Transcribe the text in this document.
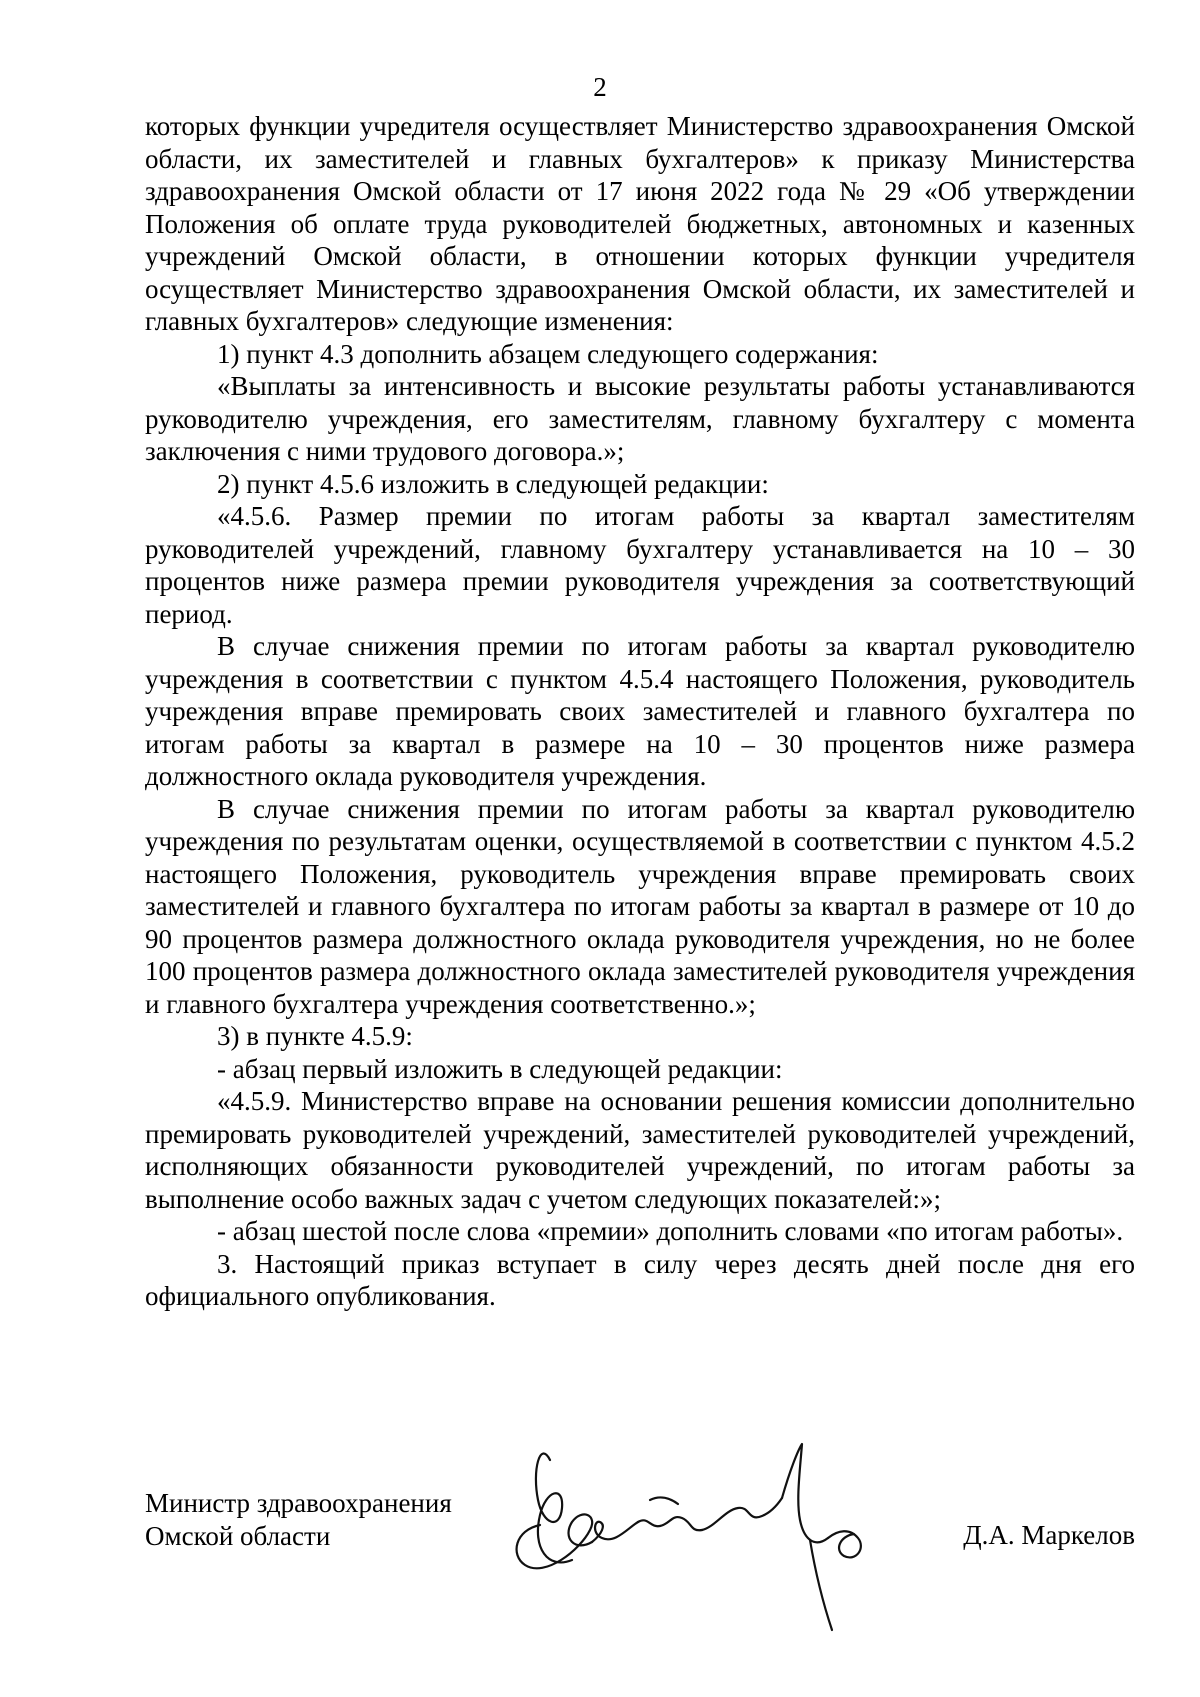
2

которых функции учредителя осуществляет Министерство здравоохранения Омской области, их заместителей и главных бухгалтеров» к приказу Министерства здравоохранения Омской области от 17 июня 2022 года № 29 «Об утверждении Положения об оплате труда руководителей бюджетных, автономных и казенных учреждений Омской области, в отношении которых функции учредителя осуществляет Министерство здравоохранения Омской области, их заместителей и главных бухгалтеров» следующие изменения:

1) пункт 4.3 дополнить абзацем следующего содержания:

«Выплаты за интенсивность и высокие результаты работы устанавливаются руководителю учреждения, его заместителям, главному бухгалтеру с момента заключения с ними трудового договора.»;

2) пункт 4.5.6 изложить в следующей редакции:

«4.5.6. Размер премии по итогам работы за квартал заместителям руководителей учреждений, главному бухгалтеру устанавливается на 10 – 30 процентов ниже размера премии руководителя учреждения за соответствующий период.

В случае снижения премии по итогам работы за квартал руководителю учреждения в соответствии с пунктом 4.5.4 настоящего Положения, руководитель учреждения вправе премировать своих заместителей и главного бухгалтера по итогам работы за квартал в размере на 10 – 30 процентов ниже размера должностного оклада руководителя учреждения.

В случае снижения премии по итогам работы за квартал руководителю учреждения по результатам оценки, осуществляемой в соответствии с пунктом 4.5.2 настоящего Положения, руководитель учреждения вправе премировать своих заместителей и главного бухгалтера по итогам работы за квартал в размере от 10 до 90 процентов размера должностного оклада руководителя учреждения, но не более 100 процентов размера должностного оклада заместителей руководителя учреждения и главного бухгалтера учреждения соответственно.»;

3) в пункте 4.5.9:

- абзац первый изложить в следующей редакции:

«4.5.9. Министерство вправе на основании решения комиссии дополнительно премировать руководителей учреждений, заместителей руководителей учреждений, исполняющих обязанности руководителей учреждений, по итогам работы за выполнение особо важных задач с учетом следующих показателей:»;

- абзац шестой после слова «премии» дополнить словами «по итогам работы».

3. Настоящий приказ вступает в силу через десять дней после дня его официального опубликования.

Министр здравоохранения
Омской области	Д.А. Маркелов
